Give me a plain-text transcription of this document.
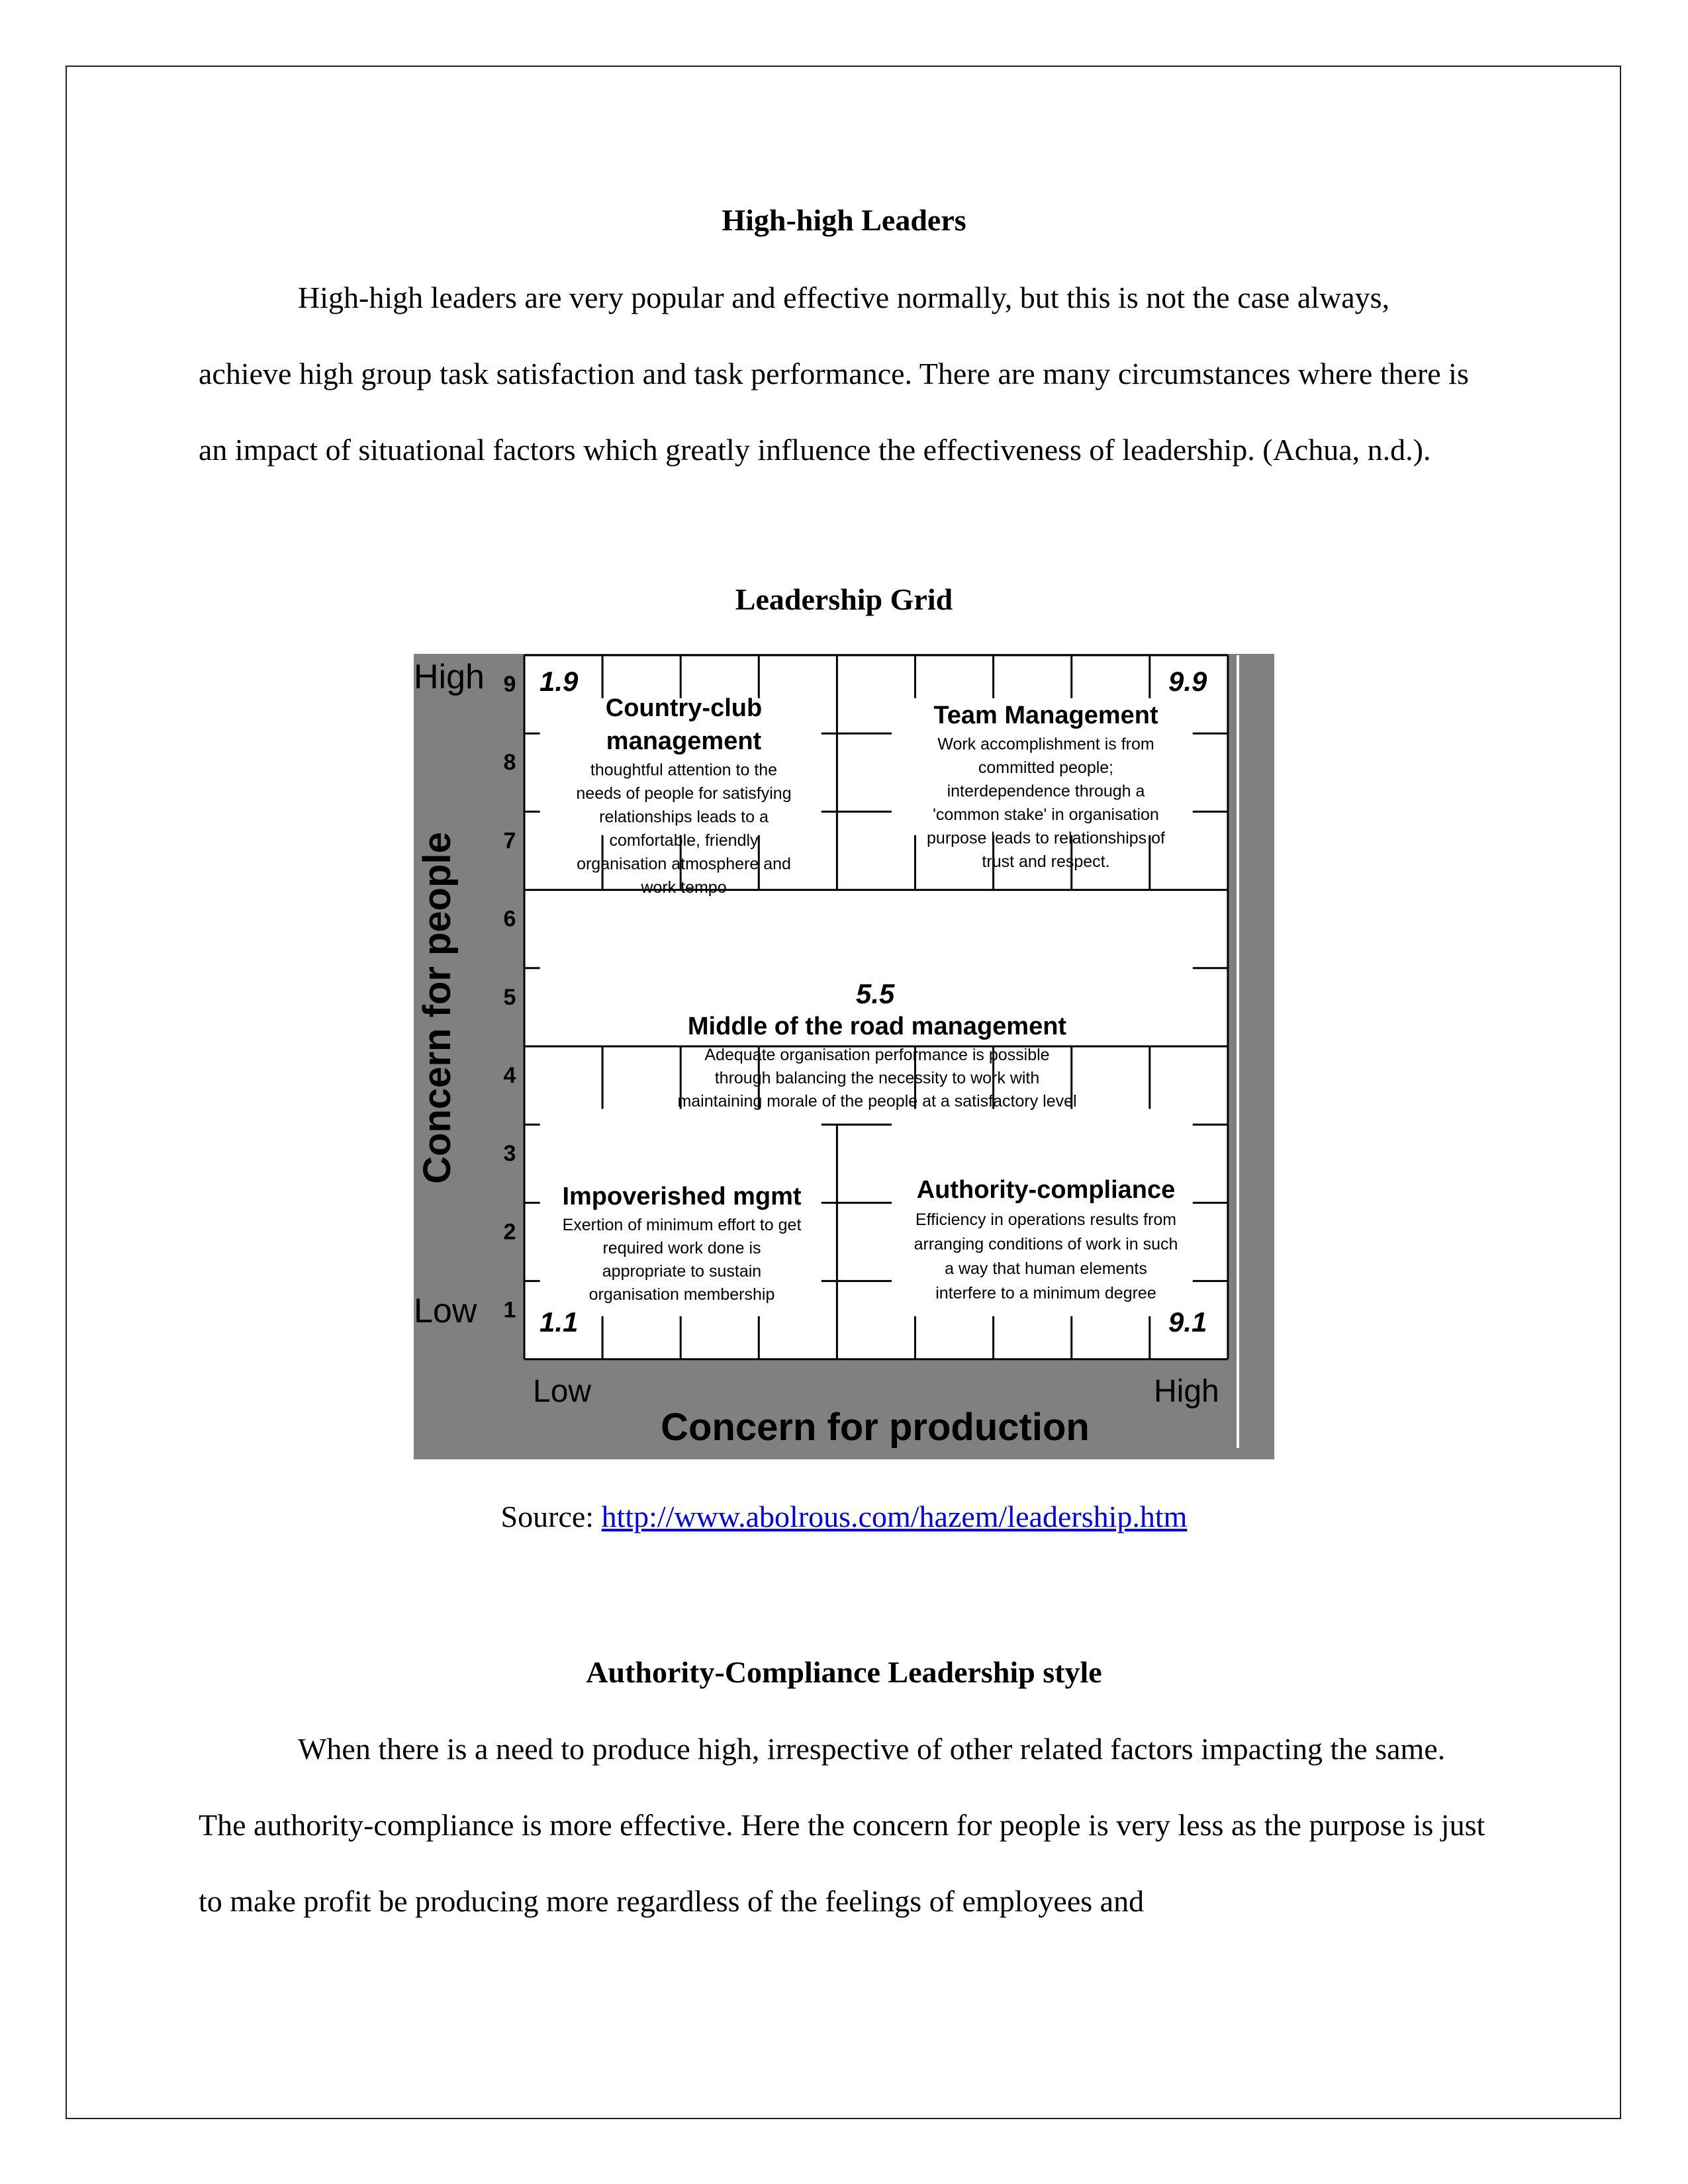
High-high Leaders

High-high leaders are very popular and effective normally, but this is not the case always, achieve high group task satisfaction and task performance. There are many circumstances where there is an impact of situational factors which greatly influence the effectiveness of leadership. (Achua, n.d.).

Leadership Grid
High
Low
Low	High
Concern for production
Concern for people
9
8
7
6
5
4
3
2
1
1.9	9.9
5.5
1.1	9.1
Country-club
management
thoughtful attention to the
needs of people for satisfying
relationships leads to a
comfortable, friendly
organisation atmosphere and
work tempo
Team Management
Work accomplishment is from
committed people;
interdependence through a
'common stake' in organisation
purpose leads to relationships of
trust and respect.
Middle of the road management
Adequate organisation performance is possible
through balancing the necessity to work with
maintaining morale of the people at a satisfactory level
Impoverished mgmt
Exertion of minimum effort to get
required work done is
appropriate to sustain
organisation membership
Authority-compliance
Efficiency in operations results from
arranging conditions of work in such
a way that human elements
interfere to a minimum degree
Source: http://www.abolrous.com/hazem/leadership.htm
Authority-Compliance Leadership style

When there is a need to produce high, irrespective of other related factors impacting the same. The authority-compliance is more effective. Here the concern for people is very less as the purpose is just to make profit be producing more regardless of the feelings of employees and
